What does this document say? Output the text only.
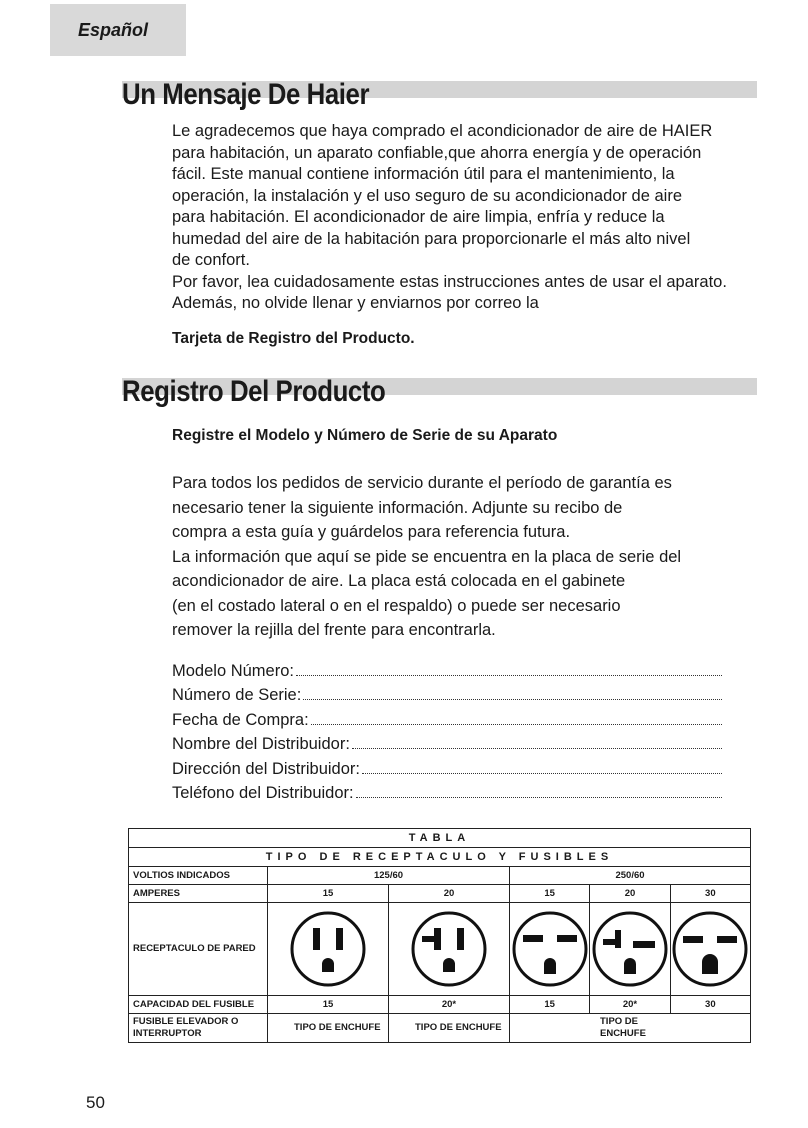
Español
Un Mensaje De Haier

Le agradecemos que haya comprado el acondicionador de aire de HAIER

para habitación, un aparato confiable,que ahorra energía y de operación

fácil. Este manual contiene información útil para el mantenimiento, la

operación, la instalación y el uso seguro de su acondicionador de aire

para habitación. El acondicionador de aire limpia, enfría y reduce la

humedad del aire de la habitación para proporcionarle el más alto nivel

de confort.

Por favor, lea cuidadosamente estas instrucciones antes de usar el aparato.

Además, no olvide llenar y enviarnos por correo la

Tarjeta de Registro del Producto.
Registro Del Producto
Registre el Modelo y Número de Serie de su Aparato

Para todos los pedidos de servicio durante el período de garantía es

necesario tener la siguiente información. Adjunte su recibo de

compra a esta guía y guárdelos para referencia futura.

La información que aquí se pide se encuentra en la placa de serie del

acondicionador de aire. La placa está colocada en el gabinete

(en el costado lateral o en el respaldo) o puede ser necesario

remover la rejilla del frente para encontrarla.

Modelo Número:
Número de Serie:
Fecha de Compra:
Nombre del Distribuidor:
Dirección del Distribuidor:
Teléfono del Distribuidor:
TABLA					
TIPO DE RECEPTACULO Y FUSIBLES					
VOLTIOS INDICADOS	125/60		250/60		
AMPERES	15	20	15	20	30
RECEPTACULO DE PARED	

CAPACIDAD DEL FUSIBLE	15	20*	15	20*	30
FUSIBLE ELEVADOR O INTERRUPTOR	TIPO DE ENCHUFE	TIPO DE ENCHUFE	TIPO DE ENCHUFE		
50
